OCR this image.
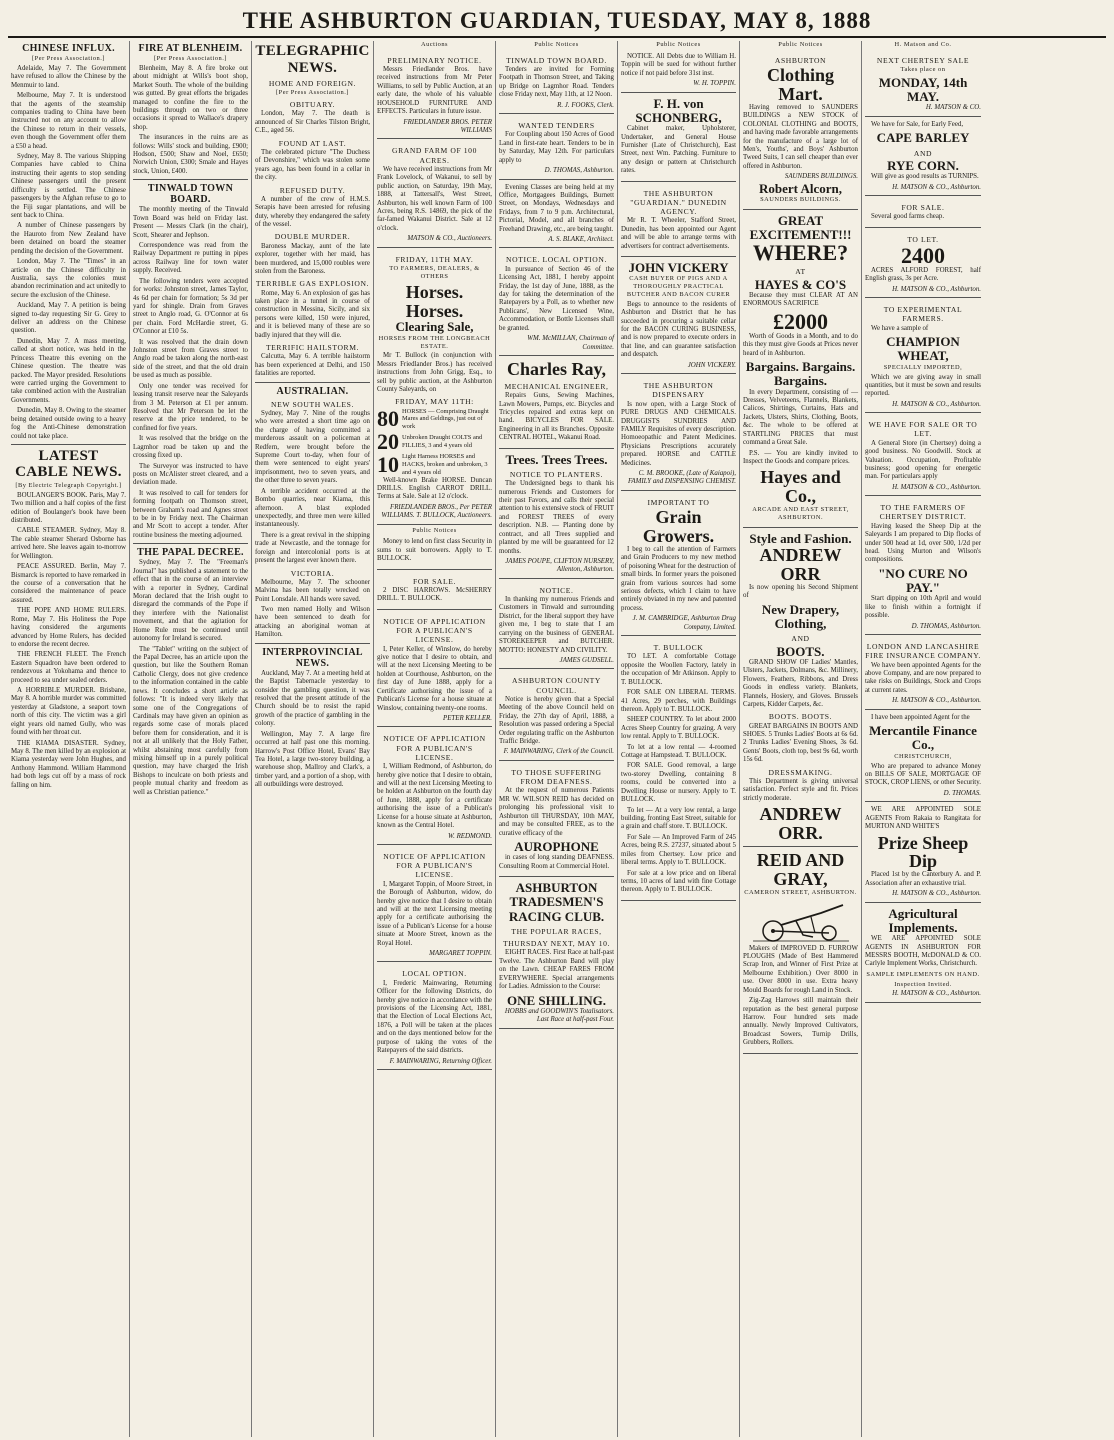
THE ASHBURTON GUARDIAN, TUESDAY, MAY 8, 1888
CHINESE INFLUX.
[Per Press Association.]

Adelaide, May 7. The Government have refused to allow the Chinese by the Menmuir to land.

Melbourne, May 7. It is understood that the agents of the steamship companies trading to China have been instructed not on any account to allow the Chinese to return in their vessels, even though the Government offer them a £50 a head.

Sydney, May 8. The various Shipping Companies have cabled to China instructing their agents to stop sending Chinese passengers until the present difficulty is settled. The Chinese passengers by the Afghan refuse to go to the Fiji sugar plantations, and will be sent back to China.

A number of Chinese passengers by the Hauroto from New Zealand have been detained on board the steamer pending the decision of the Government.

London, May 7. The "Times" in an article on the Chinese difficulty in Australia, says the colonies must abandon recrimination and act unitedly to secure the exclusion of the Chinese.

Auckland, May 7. A petition is being signed to-day requesting Sir G. Grey to deliver an address on the Chinese question.

Dunedin, May 7. A mass meeting, called at short notice, was held in the Princess Theatre this evening on the Chinese question. The theatre was packed. The Mayor presided. Resolutions were carried urging the Government to take combined action with the Australian Governments.

Dunedin, May 8. Owing to the steamer being detained outside owing to a heavy fog the Anti-Chinese demonstration could not take place.

LATEST CABLE NEWS.
[By Electric Telegraph Copyright.]

BOULANGER'S BOOK. Paris, May 7. Two million and a half copies of the first edition of Boulanger's book have been distributed.

CABLE STEAMER. Sydney, May 8. The cable steamer Sherard Osborne has arrived here. She leaves again to-morrow for Wellington.

PEACE ASSURED. Berlin, May 7. Bismarck is reported to have remarked in the course of a conversation that he considered the maintenance of peace assured.

THE POPE AND HOME RULERS. Rome, May 7. His Holiness the Pope having considered the arguments advanced by Home Rulers, has decided to endorse the recent decree.

THE FRENCH FLEET. The French Eastern Squadron have been ordered to rendezvous at Yokohama and thence to proceed to sea under sealed orders.

A HORRIBLE MURDER. Brisbane, May 8. A horrible murder was committed yesterday at Gladstone, a seaport town north of this city. The victim was a girl eight years old named Gully, who was found with her throat cut.

THE KIAMA DISASTER. Sydney, May 8. The men killed by an explosion at Kiama yesterday were John Hughes, and Anthony Hammond. William Hammond had both legs cut off by a mass of rock falling on him.

FIRE AT BLENHEIM.
[Per Press Association.]

Blenheim, May 8. A fire broke out about midnight at Wills's boot shop, Market South. The whole of the building was gutted. By great efforts the brigades managed to confine the fire to the buildings through on two or three occasions it spread to Wallace's drapery shop.

The insurances in the ruins are as follows: Wills' stock and building, £900; Hodson, £500; Shaw and Noel, £650; Norwich Union, £300; Smale and Hayes stock, Union, £400.

TINWALD TOWN BOARD.

The monthly meeting of the Tinwald Town Board was held on Friday last. Present — Messrs Clark (in the chair), Scott, Shearer and Jephson.

Correspondence was read from the Railway Department re putting in pipes across Railway line for town water supply. Received.

The following tenders were accepted for works: Johnston street, James Taylor, 4s 6d per chain for formation; 5s 3d per yard for shingle. Drain from Graves street to Anglo road, G. O'Connor at 6s per chain. Ford McHardie street, G. O'Connor at £10 5s.

It was resolved that the drain down Johnston street from Graves street to Anglo road be taken along the north-east side of the street, and that the old drain be used as much as possible.

Only one tender was received for leasing transit reserve near the Saleyards from 3 M. Peterson at £1 per annum. Resolved that Mr Peterson be let the reserve at the price tendered, to be confined for five years.

It was resolved that the bridge on the Lagmhor road be taken up and the crossing fixed up.

The Surveyor was instructed to have posts on McAlister street cleared, and a deviation made.

It was resolved to call for tenders for forming footpath on Thomson street, between Graham's road and Agnes street to be in by Friday next. The Chairman and Mr Scott to accept a tender. After routine business the meeting adjourned.

THE PAPAL DECREE.

Sydney, May 7. The "Freeman's Journal" has published a statement to the effect that in the course of an interview with a reporter in Sydney, Cardinal Moran declared that the Irish ought to disregard the commands of the Pope if they interfere with the Nationalist movement, and that the agitation for Home Rule must be continued until autonomy for Ireland is secured.

The "Tablet" writing on the subject of the Papal Decree, has an article upon the question, but like the Southern Roman Catholic Clergy, does not give credence to the information contained in the cable news. It concludes a short article as follows: "It is indeed very likely that some one of the Congregations of Cardinals may have given an opinion as regards some case of morals placed before them for consideration, and it is not at all unlikely that the Holy Father, whilst abstaining most carefully from mixing himself up in a purely political question, may have charged the Irish Bishops to inculcate on both priests and people mutual charity and freedom as well as Christian patience."

TELEGRAPHIC NEWS.
HOME AND FOREIGN.
[Per Press Association.]
OBITUARY.

London, May 7. The death is announced of Sir Charles Tilston Bright, C.E., aged 56.

FOUND AT LAST.

The celebrated picture "The Duchess of Devonshire," which was stolen some years ago, has been found in a cellar in the city.

REFUSED DUTY.

A number of the crew of H.M.S. Serapis have been arrested for refusing duty, whereby they endangered the safety of the vessel.

DOUBLE MURDER.

Baroness Mackay, aunt of the late explorer, together with her maid, has been murdered, and 15,000 roubles were stolen from the Baroness.

TERRIBLE GAS EXPLOSION.

Rome, May 6. An explosion of gas has taken place in a tunnel in course of construction in Messina, Sicily, and six persons were killed, 150 were injured, and it is believed many of these are so badly injured that they will die.

TERRIFIC HAILSTORM.

Calcutta, May 6. A terrible hailstorm has been experienced at Delhi, and 150 fatalities are reported.

AUSTRALIAN.
NEW SOUTH WALES.

Sydney, May 7. Nine of the roughs who were arrested a short time ago on the charge of having committed a murderous assault on a policeman at Redfern, were brought before the Supreme Court to-day, when four of them were sentenced to eight years' imprisonment, two to seven years, and the other three to seven years.

A terrible accident occurred at the Bombo quarries, near Kiama, this afternoon. A blast exploded unexpectedly, and three men were killed instantaneously.

There is a great revival in the shipping trade at Newcastle, and the tonnage for foreign and intercolonial ports is at present the largest ever known there.

VICTORIA.

Melbourne, May 7. The schooner Malvina has been totally wrecked on Point Lonsdale. All hands were saved.

Two men named Holly and Wilson have been sentenced to death for attacking an aboriginal woman at Hamilton.

INTERPROVINCIAL NEWS.

Auckland, May 7. At a meeting held at the Baptist Tabernacle yesterday to consider the gambling question, it was resolved that the present attitude of the Church should be to resist the rapid growth of the practice of gambling in the colony.

Wellington, May 7. A large fire occurred at half past one this morning. Harrow's Post Office Hotel, Evans' Bay Tea Hotel, a large two-storey building, a warehouse shop, Mallroy and Clark's, a timber yard, and a portion of a shop, with all outbuildings were destroyed.

Auctions
PRELIMINARY NOTICE.

Messrs Friedlander Bros. have received instructions from Mr Peter Williams, to sell by Public Auction, at an early date, the whole of his valuable HOUSEHOLD FURNITURE AND EFFECTS. Particulars in future issue.

FRIEDLANDER BROS. PETER WILLIAMS
GRAND FARM OF 100 ACRES.

We have received instructions from Mr Frank Lovelock, of Wakanui, to sell by public auction, on Saturday, 19th May, 1888, at Tattersall's, West Street, Ashburton, his well known Farm of 100 Acres, being R.S. 14869, the pick of the far-famed Wakanui District. Sale at 12 o'clock.

MATSON & CO., Auctioneers.
FRIDAY, 11TH MAY.
TO FARMERS, DEALERS, & OTHERS
Horses. Horses.
Clearing Sale,
HORSES FROM THE LONGBEACH ESTATE.

Mr T. Bullock (in conjunction with Messrs Friedlander Bros.) has received instructions from John Grigg, Esq., to sell by public auction, at the Ashburton County Saleyards, on

FRIDAY, MAY 11TH:
80 HORSES — Comprising Draught Mares and Geldings, just out of work
20 Unbroken Draught COLTS and FILLIES, 3 and 4 years old
10 Light Harness HORSES and HACKS, broken and unbroken, 3 and 4 years old

Well-known Brake HORSE. Duncan DRILLS. English CARROT DRILL. Terms at Sale. Sale at 12 o'clock.

FRIEDLANDER BROS., Per PETER WILLIAMS. T. BULLOCK, Auctioneers.
Public Notices

Money to lend on first class Security in sums to suit borrowers. Apply to T. BULLOCK.

FOR SALE.

2 DISC HARROWS. McSHERRY DRILL. T. BULLOCK.

NOTICE OF APPLICATION FOR A PUBLICAN'S LICENSE.

I, Peter Keller, of Winslow, do hereby give notice that I desire to obtain, and will at the next Licensing Meeting to be holden at Courthouse, Ashburton, on the first day of June 1888, apply for a Certificate authorising the issue of a Publican's License for a house situate at Winslow, containing twenty-one rooms.

PETER KELLER.
NOTICE OF APPLICATION FOR A PUBLICAN'S LICENSE.

I, William Redmond, of Ashburton, do hereby give notice that I desire to obtain, and will at the next Licensing Meeting to be holden at Ashburton on the fourth day of June, 1888, apply for a certificate authorising the issue of a Publican's License for a house situate at Ashburton, known as the Central Hotel.

W. REDMOND.
NOTICE OF APPLICATION FOR A PUBLICAN'S LICENSE.

I, Margaret Toppin, of Moore Street, in the Borough of Ashburton, widow, do hereby give notice that I desire to obtain and will at the next Licensing meeting apply for a certificate authorising the issue of a Publican's License for a house situate at Moore Street, known as the Royal Hotel.

MARGARET TOPPIN.
LOCAL OPTION.

I, Frederic Mainwaring, Returning Officer for the following Districts, do hereby give notice in accordance with the provisions of the Licensing Act, 1881, that the Election of Local Elections Act, 1876, a Poll will be taken at the places and on the days mentioned below for the purpose of taking the votes of the Ratepayers of the said districts.

F. MAINWARING, Returning Officer.
Public Notices
TINWALD TOWN BOARD.

Tenders are invited for Forming Footpath in Thomson Street, and Taking up Bridge on Lagmhor Road. Tenders close Friday next, May 11th, at 12 Noon.

R. J. FOOKS, Clerk.
WANTED TENDERS

For Coupling about 150 Acres of Good Land in first-rate heart. Tenders to be in by Saturday, May 12th. For particulars apply to

D. THOMAS, Ashburton.

Evening Classes are being held at my Office, Mortgagees Buildings, Burnett Street, on Mondays, Wednesdays and Fridays, from 7 to 9 p.m. Architectural, Pictorial, Model, and all branches of Freehand Drawing, etc., are being taught.

A. S. BLAKE, Architect.
NOTICE. LOCAL OPTION.

In pursuance of Section 46 of the Licensing Act, 1881, I hereby appoint Friday, the 1st day of June, 1888, as the day for taking the determination of the Ratepayers by a Poll, as to whether new Publicans', New Licensed Wine, Accommodation, or Bottle Licenses shall be granted.

WM. McMILLAN, Chairman of Committee.
Charles Ray,
MECHANICAL ENGINEER,

Repairs Guns, Sewing Machines, Lawn Mowers, Pumps, etc. Bicycles and Tricycles repaired and extras kept on hand. BICYCLES FOR SALE. Engineering in all its Branches. Opposite CENTRAL HOTEL, Wakanui Road.

Trees. Trees Trees.
NOTICE TO PLANTERS.

The Undersigned begs to thank his numerous Friends and Customers for their past Favors, and calls their special attention to his extensive stock of FRUIT and FOREST TREES of every description. N.B. — Planting done by contract, and all Trees supplied and planted by me will be guaranteed for 12 months.

JAMES POUPE, CLIFTON NURSERY, Allenton, Ashburton.
NOTICE.

In thanking my numerous Friends and Customers in Tinwald and surrounding District, for the liberal support they have given me, I beg to state that I am carrying on the business of GENERAL STOREKEEPER and BUTCHER. MOTTO: HONESTY AND CIVILITY.

JAMES GUDSELL.
ASHBURTON COUNTY COUNCIL.

Notice is hereby given that a Special Meeting of the above Council held on Friday, the 27th day of April, 1888, a Resolution was passed ordering a Special Order regulating traffic on the Ashburton Traffic Bridge.

F. MAINWARING, Clerk of the Council.
TO THOSE SUFFERING FROM DEAFNESS.

At the request of numerous Patients MR W. WILSON REID has decided on prolonging his professional visit to Ashburton till THURSDAY, 10th MAY, and may be consulted FREE, as to the curative efficacy of the

AUROPHONE

in cases of long standing DEAFNESS. Consulting Room at Commercial Hotel.

ASHBURTON TRADESMEN'S RACING CLUB.
THE POPULAR RACES,
THURSDAY NEXT, MAY 10.

EIGHT RACES. First Race at half-past Twelve. The Ashburton Band will play on the Lawn. CHEAP FARES FROM EVERYWHERE. Special arrangements for Ladies. Admission to the Course:

ONE SHILLING.
HOBBS and GOODWIN'S Totalisators. Last Race at half-past Four.
Public Notices

NOTICE. All Debts due to William H. Toppin will be sued for without further notice if not paid before 31st inst.

W. H. TOPPIN.
F. H. von SCHONBERG,

Cabinet maker, Upholsterer, Undertaker, and General House Furnisher (Late of Christchurch), East Street, next Wm. Patching. Furniture to any design or pattern at Christchurch rates.

THE ASHBURTON "GUARDIAN." DUNEDIN AGENCY.

Mr R. T. Wheeler, Stafford Street, Dunedin, has been appointed our Agent and will be able to arrange terms with advertisers for contract advertisements.

JOHN VICKERY
CASH BUYER OF PIGS AND A THOROUGHLY PRACTICAL BUTCHER AND BACON CURER

Begs to announce to the residents of Ashburton and District that he has succeeded in procuring a suitable cellar for the BACON CURING BUSINESS, and is now prepared to execute orders in that line, and can guarantee satisfaction and despatch.

JOHN VICKERY.
THE ASHBURTON DISPENSARY

Is now open, with a Large Stock of PURE DRUGS AND CHEMICALS. DRUGGISTS SUNDRIES AND FAMILY Requisites of every description. Homoeopathic and Patent Medicines. Physicians Prescriptions accurately prepared. HORSE and CATTLE Medicines.

C. M. BROOKE, (Late of Kaiapoi), FAMILY and DISPENSING CHEMIST.
IMPORTANT TO
Grain Growers.

I beg to call the attention of Farmers and Grain Producers to my new method of poisoning Wheat for the destruction of small birds. In former years the poisoned grain from various sources had some serious defects, which I claim to have entirely obviated in my new and patented process.

J. M. CAMBRIDGE, Ashburton Drug Company, Limited.
T. BULLOCK

TO LET. A comfortable Cottage opposite the Woollen Factory, lately in the occupation of Mr Atkinson. Apply to T. BULLOCK.

FOR SALE ON LIBERAL TERMS. 41 Acres, 29 perches, with Buildings thereon. Apply to T. BULLOCK.

SHEEP COUNTRY. To let about 2000 Acres Sheep Country for grazing. A very low rental. Apply to T. BULLOCK.

To let at a low rental — 4-roomed Cottage at Hampstead. T. BULLOCK.

FOR SALE. Good removal, a large two-storey Dwelling, containing 8 rooms, could be converted into a Dwelling House or nursery. Apply to T. BULLOCK.

To let — At a very low rental, a large building, fronting East Street, suitable for a grain and chaff store. T. BULLOCK.

For Sale — An Improved Farm of 245 Acres, being R.S. 27237, situated about 5 miles from Chertsey. Low price and liberal terms. Apply to T. BULLOCK.

For sale at a low price and on liberal terms, 10 acres of land with fine Cottage thereon. Apply to T. BULLOCK.

Public Notices
ASHBURTON
Clothing Mart.

Having removed to SAUNDERS BUILDINGS a NEW STOCK of COLONIAL CLOTHING and BOOTS, and having made favorable arrangements for the manufacture of a large lot of Men's, Youths', and Boys' Ashburton Tweed Suits, I can sell cheaper than ever offered in Ashburton.

SAUNDERS BUILDINGS.
Robert Alcorn,
SAUNDERS BUILDINGS.
GREAT EXCITEMENT!!!
WHERE?
AT
HAYES & CO'S

Because they must CLEAR AT AN ENORMOUS SACRIFICE

£2000

Worth of Goods in a Month, and to do this they must give Goods at Prices never heard of in Ashburton.

Bargains. Bargains. Bargains.

In every Department, consisting of — Dresses, Velveteens, Flannels, Blankets, Calicos, Shirtings, Curtains, Hats and Jackets, Ulsters, Shirts, Clothing, Boots, &c. The whole to be offered at STARTLING PRICES that must command a Great Sale.

P.S. — You are kindly invited to Inspect the Goods and compare prices.

Hayes and Co.,
ARCADE AND EAST STREET, ASHBURTON.
Style and Fashion.
ANDREW ORR

Is now opening his Second Shipment of

New Drapery,
Clothing,
AND
BOOTS.

GRAND SHOW OF Ladies' Mantles, Ulsters, Jackets, Dolmans, &c. Millinery, Flowers, Feathers, Ribbons, and Dress Goods in endless variety. Blankets, Flannels, Hosiery, and Gloves. Brussels Carpets, Kidder Carpets, &c.

BOOTS. BOOTS.

GREAT BARGAINS IN BOOTS AND SHOES. 5 Trunks Ladies' Boots at 6s 6d. 2 Trunks Ladies' Evening Shoes, 3s 6d. Gents' Boots, cloth top, best 9s 6d, worth 15s 6d.

DRESSMAKING.

This Department is giving universal satisfaction. Perfect style and fit. Prices strictly moderate.

ANDREW ORR.
REID AND GRAY,
CAMERON STREET, ASHBURTON.

Makers of IMPROVED D. FURROW PLOUGHS (Made of Best Hammered Scrap Iron, and Winner of First Prize at Melbourne Exhibition.) Over 8000 in use. Over 8000 in use. Extra heavy Mould Boards for rough Land in Stock.

Zig-Zag Harrows still maintain their reputation as the best general purpose Harrow. Four hundred sets made annually. Newly Improved Cultivators, Broadcast Sowers, Turnip Drills, Grubbers, Rollers.

H. Matson and Co.
NEXT CHERTSEY SALE
Takes place on
MONDAY, 14th MAY.
H. MATSON & CO.

We have for Sale, for Early Feed,

CAPE BARLEY
AND
RYE CORN.

Will give as good results as TURNIPS.

H. MATSON & CO., Ashburton.
FOR SALE.

Several good farms cheap.

TO LET.
2400

ACRES ALFORD FOREST, half English grass, 3s per Acre.

H. MATSON & CO., Ashburton.
TO EXPERIMENTAL FARMERS.

We have a sample of

CHAMPION WHEAT,
SPECIALLY IMPORTED,

Which we are giving away in small quantities, but it must be sown and results reported.

H. MATSON & CO., Ashburton.
WE HAVE FOR SALE OR TO LET.

A General Store (in Chertsey) doing a good business. No Goodwill. Stock at Valuation. Occupation, Profitable business; good opening for energetic man. For particulars apply

H. MATSON & CO., Ashburton.
TO THE FARMERS OF CHERTSEY DISTRICT.

Having leased the Sheep Dip at the Saleyards I am prepared to Dip flocks of under 500 head at 1d, over 500, 1/2d per head. Using Murton and Wilson's compositions.

"NO CURE NO PAY."

Start dipping on 10th April and would like to finish within a fortnight if possible.

D. THOMAS, Ashburton.
LONDON AND LANCASHIRE FIRE INSURANCE COMPANY.

We have been appointed Agents for the above Company, and are now prepared to take risks on Buildings, Stock and Crops at current rates.

H. MATSON & CO., Ashburton.

I have been appointed Agent for the

Mercantile Finance Co.,
CHRISTCHURCH,

Who are prepared to advance Money on BILLS OF SALE, MORTGAGE OF STOCK, CROP LIENS, or other Security.

D. THOMAS.

WE ARE APPOINTED SOLE AGENTS From Rakaia to Rangitata for MURTON AND WHITE'S

Prize Sheep Dip

Placed 1st by the Canterbury A. and P. Association after an exhaustive trial.

H. MATSON & CO., Ashburton.
Agricultural Implements.

WE ARE APPOINTED SOLE AGENTS IN ASHBURTON FOR MESSRS BOOTH, McDONALD & CO. Carlyle Implement Works, Christchurch.

SAMPLE IMPLEMENTS ON HAND.
Inspection Invited.
H. MATSON & CO., Ashburton.
